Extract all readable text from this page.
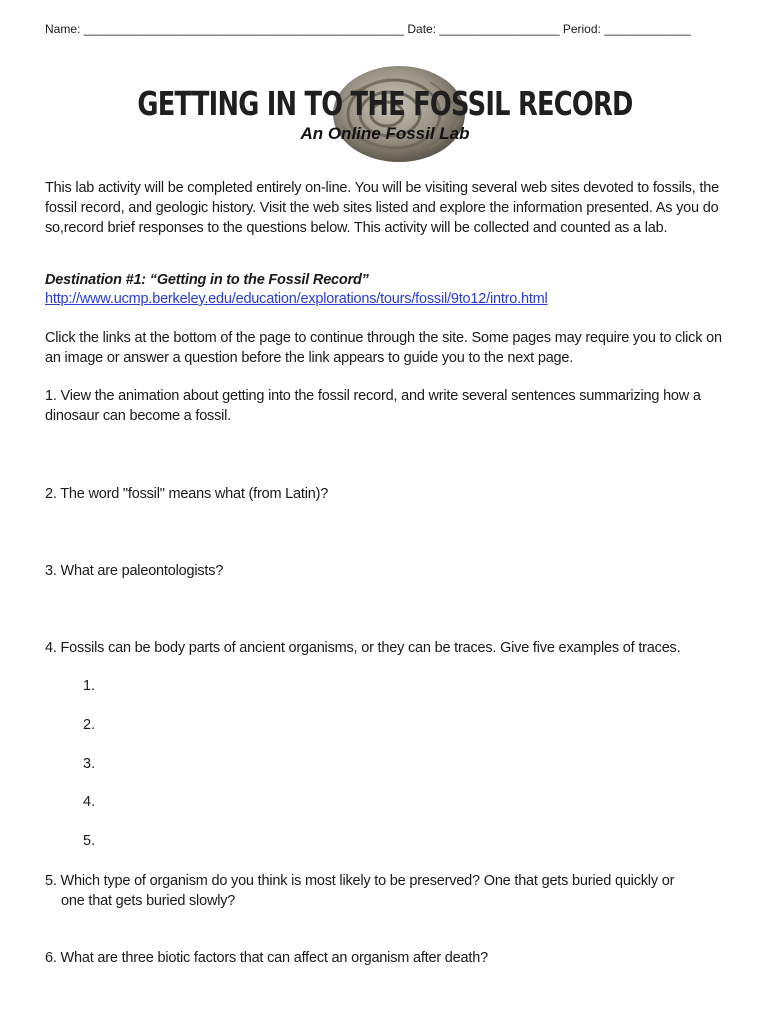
Name: ________________________________________________ Date: __________________ Period: _____________
GETTING IN TO THE FOSSIL RECORD
An Online Fossil Lab
This lab activity will be completed entirely on-line. You will be visiting several web sites devoted to fossils, the fossil record, and geologic history. Visit the web sites listed and explore the information presented. As you do so,record brief responses to the questions below. This activity will be collected and counted as a lab.
Destination #1: “Getting in to the Fossil Record”
http://www.ucmp.berkeley.edu/education/explorations/tours/fossil/9to12/intro.html
Click the links at the bottom of the page to continue through the site. Some pages may require you to click on an image or answer a question before the link appears to guide you to the next page.
1. View the animation about getting into the fossil record, and write several sentences summarizing how a dinosaur can become a fossil.
2. The word "fossil" means what (from Latin)?
3. What are paleontologists?
4. Fossils can be body parts of ancient organisms, or they can be traces. Give five examples of traces.
1.
2.
3.
4.
5.
5. Which type of organism do you think is most likely to be preserved? One that gets buried quickly or
one that gets buried slowly?
6. What are three biotic factors that can affect an organism after death?
